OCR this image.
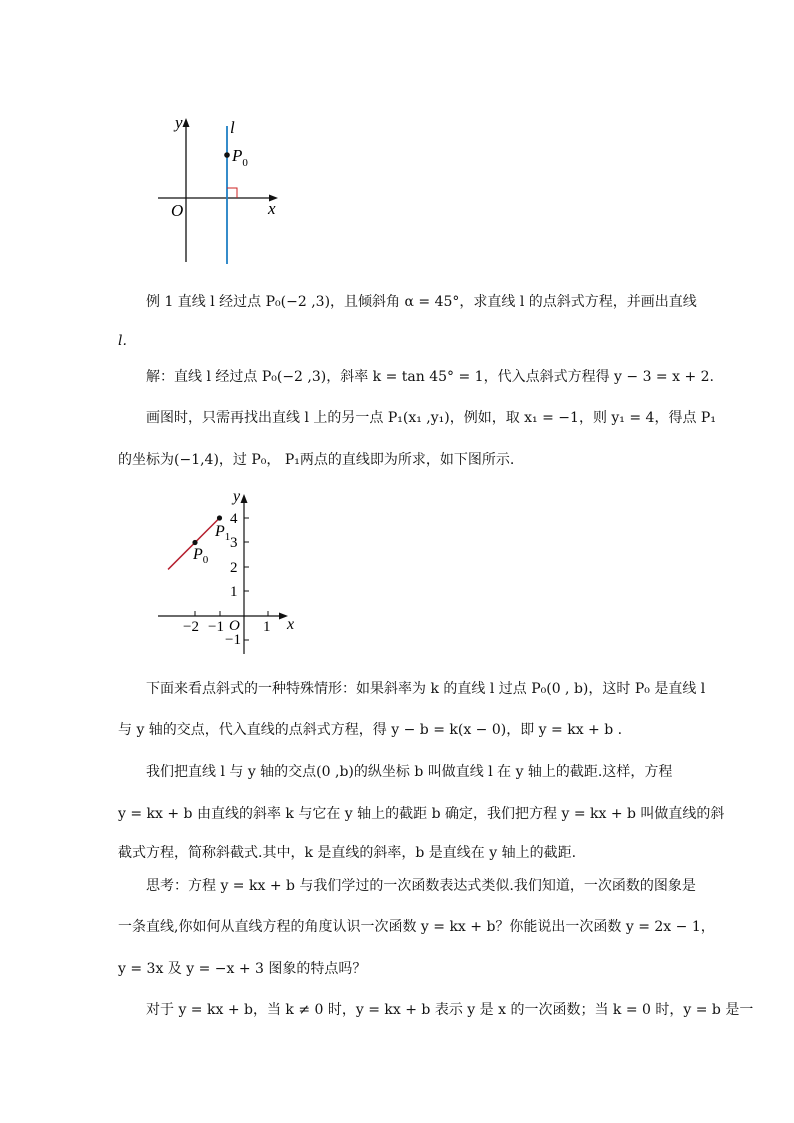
y
x
O
l
$P_0$
例 1 直线 l 经过点 P₀(−2 ,3)，且倾斜角 α = 45°，求直线 l 的点斜式方程，并画出直线
l.
解：直线 l 经过点 P₀(−2 ,3)，斜率 k = tan 45° = 1，代入点斜式方程得 y − 3 = x + 2.
画图时，只需再找出直线 l 上的另一点 P₁(x₁ ,y₁)，例如，取 x₁ = −1，则 y₁ = 4，得点 P₁
的坐标为(−1,4)，过 P₀， P₁两点的直线即为所求，如下图所示.
4
3
2
1
−1
−2 −1	1
O	x
y
$P_0$
$P_1$
下面来看点斜式的一种特殊情形：如果斜率为 k 的直线 l 过点 P₀(0 , b)，这时 P₀ 是直线 l
与 y 轴的交点，代入直线的点斜式方程，得 y − b = k(x − 0)，即 y = kx + b .
我们把直线 l 与 y 轴的交点(0 ,b)的纵坐标 b 叫做直线 l 在 y 轴上的截距.这样，方程
y = kx + b 由直线的斜率 k 与它在 y 轴上的截距 b 确定，我们把方程 y = kx + b 叫做直线的斜
截式方程，简称斜截式.其中，k 是直线的斜率，b 是直线在 y 轴上的截距.
思考：方程 y = kx + b 与我们学过的一次函数表达式类似.我们知道，一次函数的图象是
一条直线,你如何从直线方程的角度认识一次函数 y = kx + b？你能说出一次函数 y = 2x − 1，
y = 3x 及 y = −x + 3 图象的特点吗？
对于 y = kx + b，当 k ≠ 0 时，y = kx + b 表示 y 是 x 的一次函数；当 k = 0 时，y = b 是一
